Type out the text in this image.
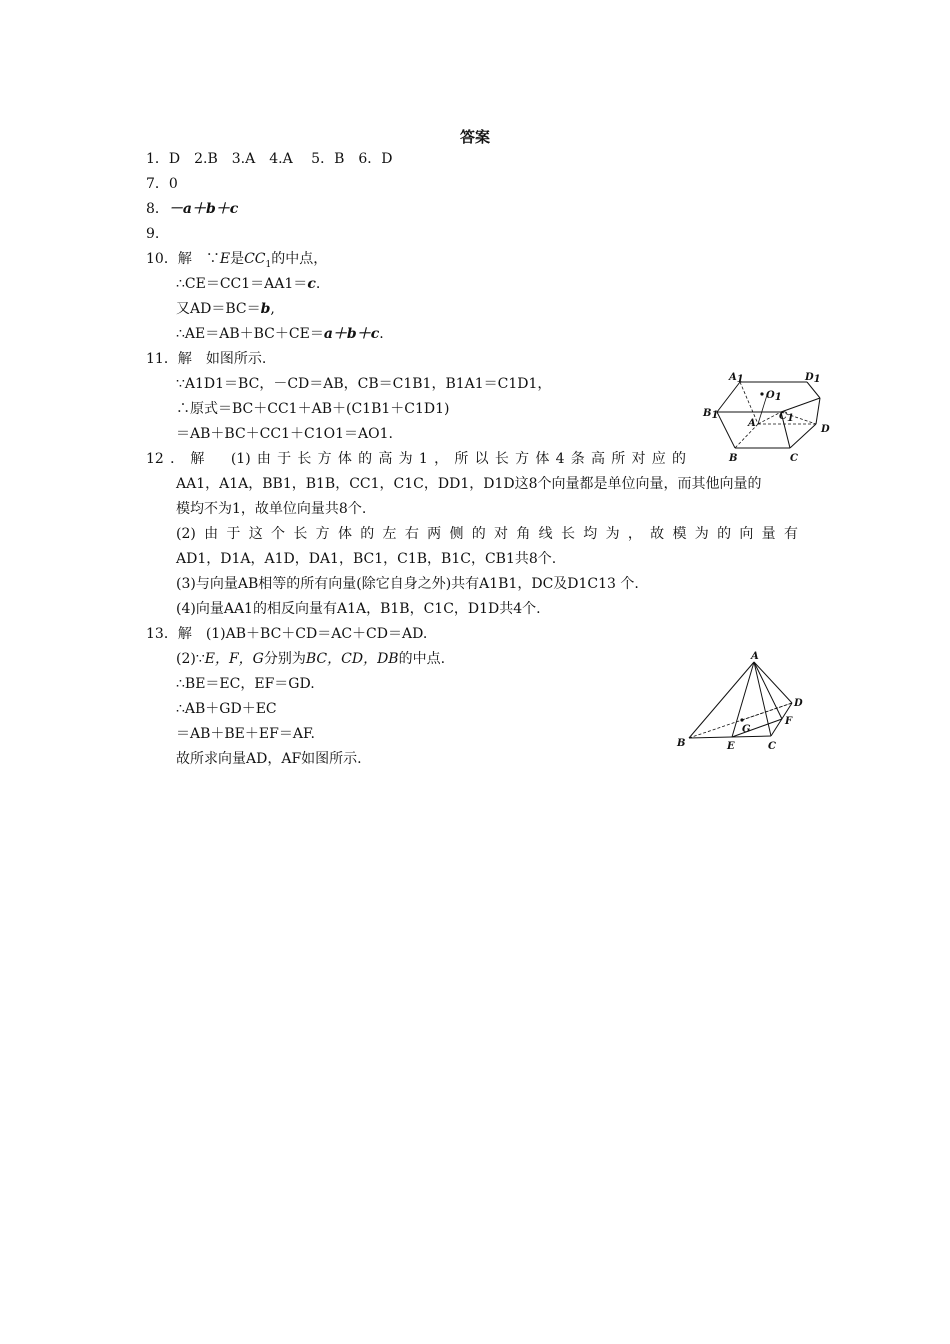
答案
1．D　2.B　3.A　4.A　 5．B　6．D
7．0
8．－a＋b＋c
9.
10．解　∵E是$CC_1$的中点，
∴CE＝CC1＝AA1＝c.
又AD＝BC＝b,
∴AE＝AB＋BC＋CE＝a＋b＋c.
11．解　如图所示.
∵A1D1＝BC，－CD＝AB，CB＝C1B1，B1A1＝C1D1，
∴原式＝BC＋CC1＋AB＋(C1B1＋C1D1)
＝AB＋BC＋CC1＋C1O1＝AO1.
A1	D1
O1
B1	C1
A
D
B	C
12．解　(1)由于长方体的高为1，所以长方体4条高所对应的
AA1，A1A，BB1，B1B，CC1，C1C，DD1，D1D这8个向量都是单位向量，而其他向量的
模均不为1，故单位向量共8个.
(2)由于这个长方体的左右两侧的对角线长均为，故模为的向量有
AD1，D1A，A1D，DA1，BC1，C1B，B1C，CB1共8个.
(3)与向量AB相等的所有向量(除它自身之外)共有A1B1，DC及D1C13 个.
(4)向量AA1的相反向量有A1A，B1B，C1C，D1D共4个.
13．解　(1)AB＋BC＋CD＝AC＋CD＝AD.
(2)∵E，F，G分别为BC，CD，DB的中点.
∴BE＝EC，EF＝GD.
∴AB＋GD＋EC
＝AB＋BE＋EF＝AF.
故所求向量AD，AF如图所示.
A
D
F
G
B	E	C
